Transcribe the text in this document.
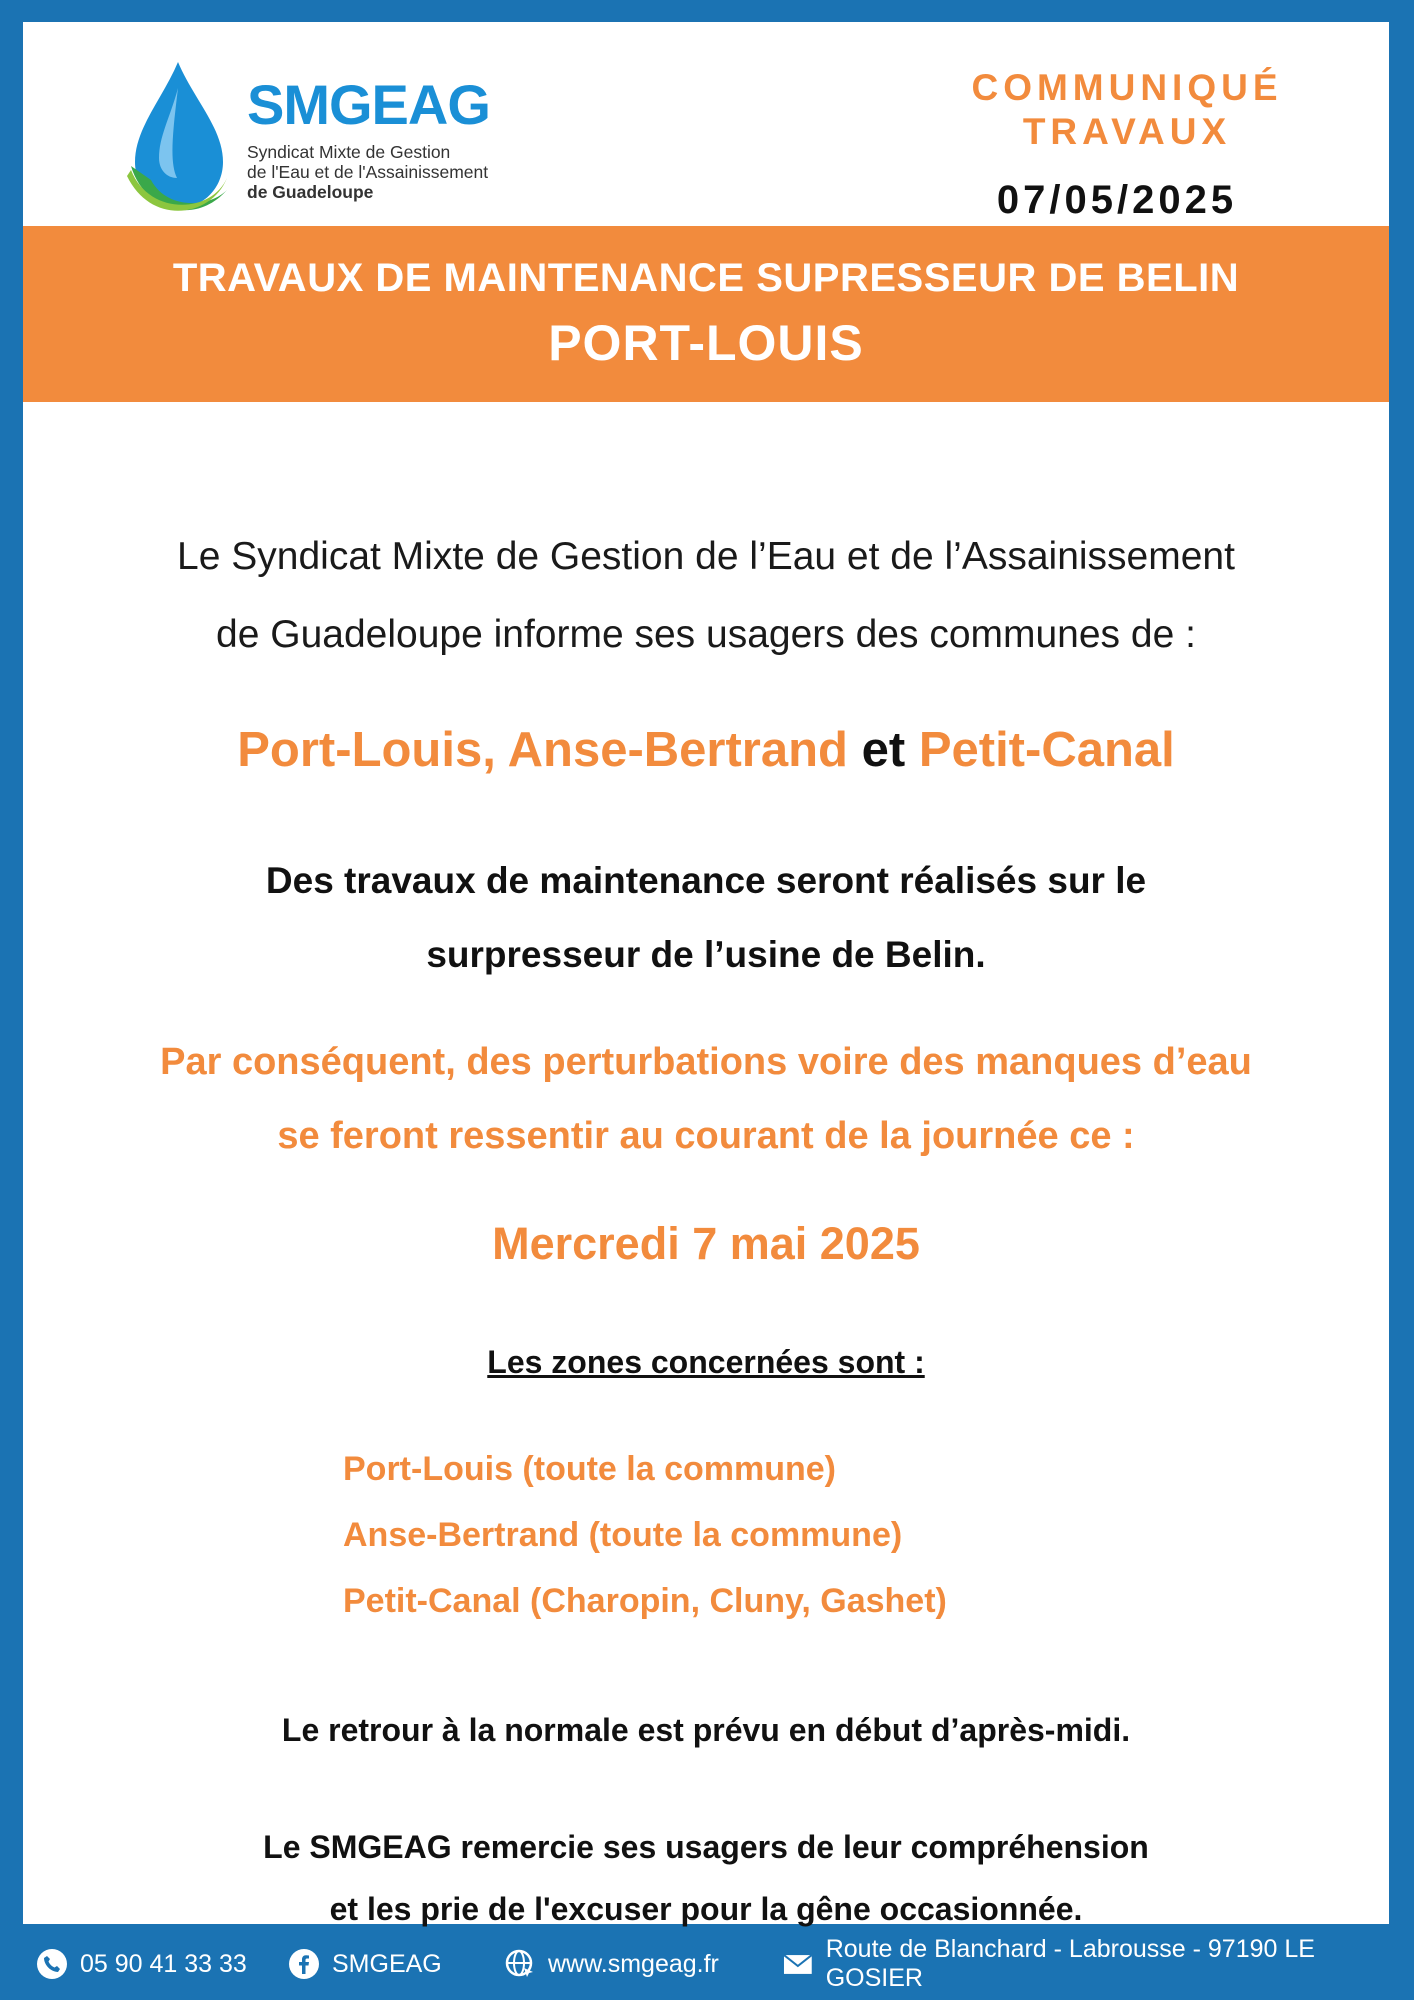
SMGEAG
Syndicat Mixte de Gestion
de l'Eau et de l'Assainissement
de Guadeloupe
COMMUNIQUÉ
TRAVAUX
07/05/2025
TRAVAUX DE MAINTENANCE SUPRESSEUR DE BELIN
PORT-LOUIS
Le Syndicat Mixte de Gestion de l’Eau et de l’Assainissement
de Guadeloupe informe ses usagers des communes de :
Port-Louis, Anse-Bertrand et Petit-Canal
Des travaux de maintenance seront réalisés sur le
surpresseur de l’usine de Belin.
Par conséquent, des perturbations voire des manques d’eau
se feront ressentir au courant de la journée ce :
Mercredi 7 mai 2025
Les zones concernées sont :
Port-Louis (toute la commune)
Anse-Bertrand (toute la commune)
Petit-Canal (Charopin, Cluny, Gashet)
Le retrour à la normale est prévu en début d’après-midi.
Le SMGEAG remercie ses usagers de leur compréhension
et les prie de l'excuser pour la gêne occasionnée.
05 90 41 33 33	SMGEAG	www.smgeag.fr
Route de Blanchard - Labrousse - 97190 LE GOSIER
